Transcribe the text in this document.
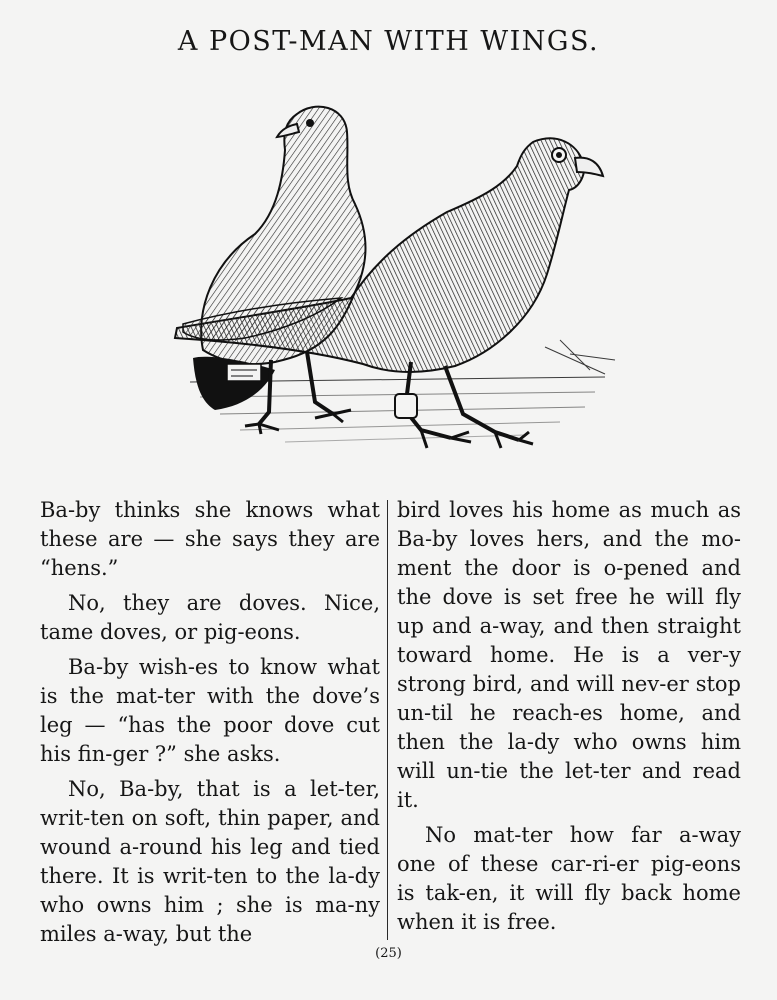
A POST-MAN WITH WINGS.

Ba-by thinks she knows what these are — she says they are “hens.”

No, they are doves. Nice, tame doves, or pig-eons.

Ba-by wish-es to know what is the mat-ter with the dove’s leg — “has the poor dove cut his fin-ger ?” she asks.

No, Ba-by, that is a let-ter, writ-ten on soft, thin paper, and wound a-round his leg and tied there. It is writ-ten to the la-dy who owns him ; she is ma-ny miles a-way, but the

bird loves his home as much as Ba-by loves hers, and the mo-ment the door is o-pened and the dove is set free he will fly up and a-way, and then straight toward home. He is a ver-y strong bird, and will nev-er stop un-til he reach-es home, and then the la-dy who owns him will un-tie the let-ter and read it.

No mat-ter how far a-way one of these car-ri-er pig-eons is tak-en, it will fly back home when it is free.

(25)
